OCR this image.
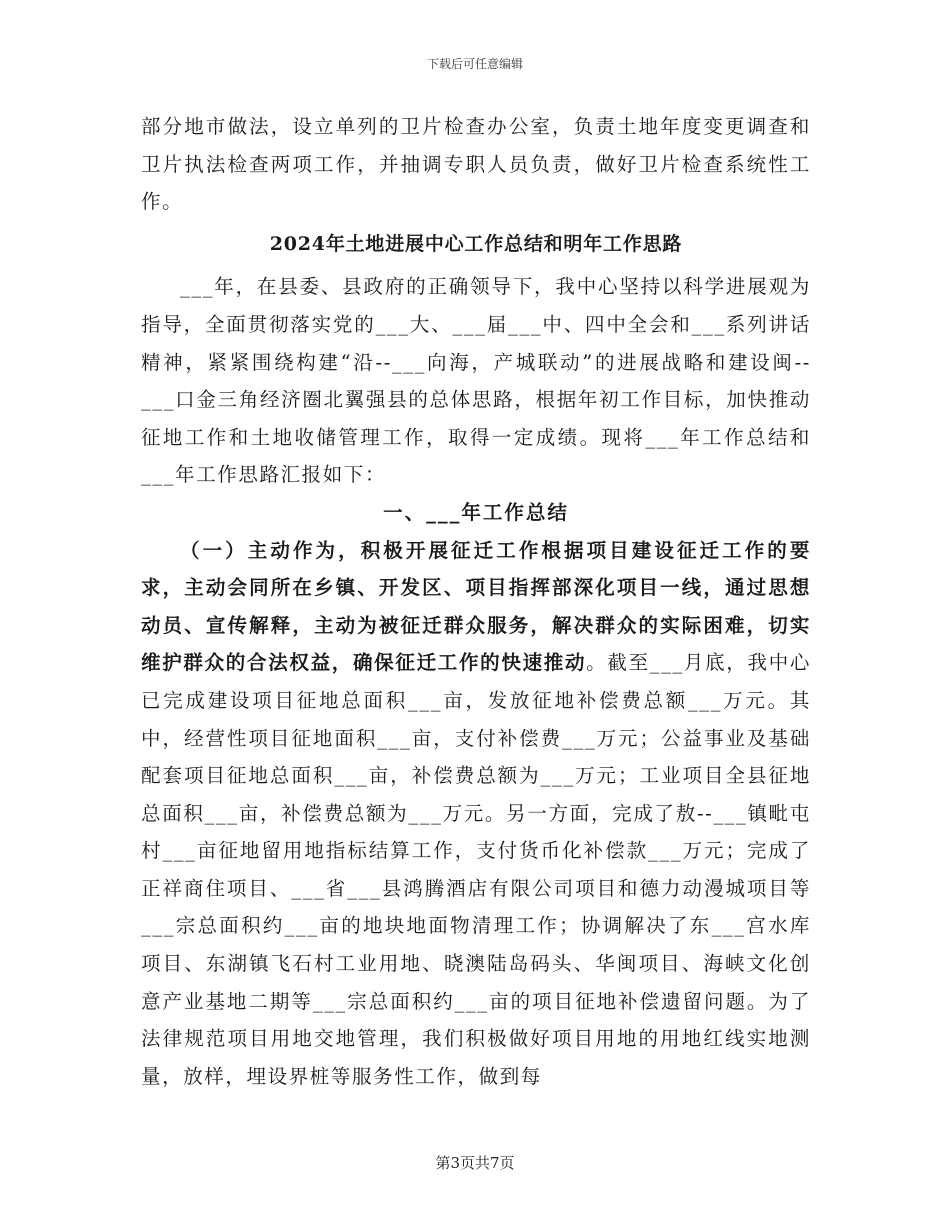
下载后可任意编辑

部分地市做法，设立单列的卫片检查办公室，负责土地年度变更调查和卫片执法检查两项工作，并抽调专职人员负责，做好卫片检查系统性工作。

2024年土地进展中心工作总结和明年工作思路

___年，在县委、县政府的正确领导下，我中心坚持以科学进展观为指导，全面贯彻落实党的___大、___届___中、四中全会和___系列讲话精神，紧紧围绕构建“沿--___向海，产城联动”的进展战略和建设闽--___口金三角经济圈北翼强县的总体思路，根据年初工作目标，加快推动征地工作和土地收储管理工作，取得一定成绩。现将___年工作总结和___年工作思路汇报如下：

一、___年工作总结

（一）主动作为，积极开展征迁工作根据项目建设征迁工作的要求，主动会同所在乡镇、开发区、项目指挥部深化项目一线，通过思想动员、宣传解释，主动为被征迁群众服务，解决群众的实际困难，切实维护群众的合法权益，确保征迁工作的快速推动。截至___月底，我中心已完成建设项目征地总面积___亩，发放征地补偿费总额___万元。其中，经营性项目征地面积___亩，支付补偿费___万元；公益事业及基础配套项目征地总面积___亩，补偿费总额为___万元；工业项目全县征地总面积___亩，补偿费总额为___万元。另一方面，完成了敖--___镇毗屯村___亩征地留用地指标结算工作，支付货币化补偿款___万元；完成了正祥商住项目、___省___县鸿腾酒店有限公司项目和德力动漫城项目等___宗总面积约___亩的地块地面物清理工作；协调解决了东___宫水库项目、东湖镇飞石村工业用地、晓澳陆岛码头、华闽项目、海峡文化创意产业基地二期等___宗总面积约___亩的项目征地补偿遗留问题。为了法律规范项目用地交地管理，我们积极做好项目用地的用地红线实地测量，放样，埋设界桩等服务性工作，做到每

第3页共7页
